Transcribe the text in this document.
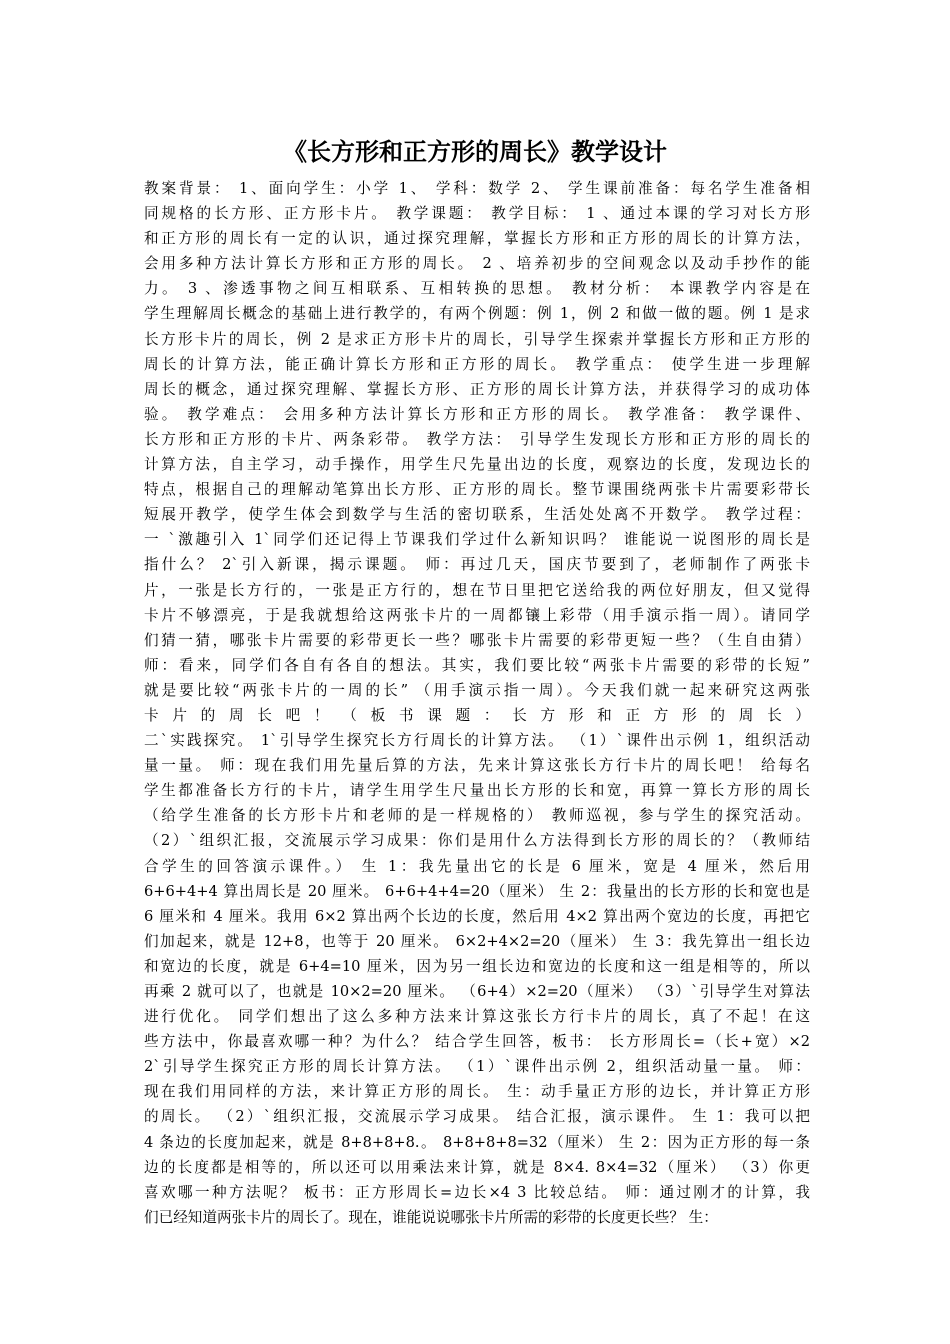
《长方形和正方形的周长》教学设计
教案背景： 1、面向学生：小学 1、 学科：数学 2、 学生课前准备：每名学生准备相
同规格的长方形、正方形卡片。 教学课题： 教学目标： 1 、通过本课的学习对长方形
和正方形的周长有一定的认识，通过探究理解，掌握长方形和正方形的周长的计算方法，
会用多种方法计算长方形和正方形的周长。 2 、培养初步的空间观念以及动手抄作的能
力。 3 、渗透事物之间互相联系、互相转换的思想。 教材分析： 本课教学内容是在
学生理解周长概念的基础上进行教学的，有两个例题：例 1，例 2 和做一做的题。例 1 是求
长方形卡片的周长，例 2 是求正方形卡片的周长，引导学生探索并掌握长方形和正方形的
周长的计算方法，能正确计算长方形和正方形的周长。 教学重点： 使学生进一步理解
周长的概念，通过探究理解、掌握长方形、正方形的周长计算方法，并获得学习的成功体
验。 教学难点： 会用多种方法计算长方形和正方形的周长。 教学准备： 教学课件、
长方形和正方形的卡片、两条彩带。 教学方法： 引导学生发现长方形和正方形的周长的
计算方法，自主学习，动手操作，用学生尺先量出边的长度，观察边的长度，发现边长的
特点，根据自己的理解动笔算出长方形、正方形的周长。整节课围绕两张卡片需要彩带长
短展开教学，使学生体会到数学与生活的密切联系，生活处处离不开数学。 教学过程：
一 `激趣引入 1`同学们还记得上节课我们学过什么新知识吗？ 谁能说一说图形的周长是
指什么？ 2`引入新课，揭示课题。 师：再过几天，国庆节要到了，老师制作了两张卡
片，一张是长方行的，一张是正方行的，想在节日里把它送给我的两位好朋友，但又觉得
卡片不够漂亮，于是我就想给这两张卡片的一周都镶上彩带（用手演示指一周）。请同学
们猜一猜，哪张卡片需要的彩带更长一些？哪张卡片需要的彩带更短一些？（生自由猜）
师：看来，同学们各自有各自的想法。其实，我们要比较“两张卡片需要的彩带的长短”
就是要比较“两张卡片的一周的长” （用手演示指一周）。今天我们就一起来研究这两张
卡片的周长吧！（板书课题：长方形和正方形的周长）
二`实践探究。 1`引导学生探究长方行周长的计算方法。 （1）`课件出示例 1，组织活动
量一量。 师：现在我们用先量后算的方法，先来计算这张长方行卡片的周长吧！ 给每名
学生都准备长方行的卡片，请学生用学生尺量出长方形的长和宽，再算一算长方形的周长
（给学生准备的长方形卡片和老师的是一样规格的） 教师巡视，参与学生的探究活动。
（2）`组织汇报，交流展示学习成果：你们是用什么方法得到长方形的周长的？（教师结
合学生的回答演示课件。） 生 1：我先量出它的长是 6 厘米，宽是 4 厘米，然后用
6+6+4+4 算出周长是 20 厘米。 6+6+4+4=20（厘米） 生 2：我量出的长方形的长和宽也是
6 厘米和 4 厘米。我用 6×2 算出两个长边的长度，然后用 4×2 算出两个宽边的长度，再把它
们加起来，就是 12+8，也等于 20 厘米。 6×2+4×2=20（厘米） 生 3：我先算出一组长边
和宽边的长度，就是 6+4=10 厘米，因为另一组长边和宽边的长度和这一组是相等的，所以
再乘 2 就可以了，也就是 10×2=20 厘米。 （6+4）×2=20（厘米） （3）`引导学生对算法
进行优化。 同学们想出了这么多种方法来计算这张长方行卡片的周长，真了不起！在这
些方法中，你最喜欢哪一种？为什么？ 结合学生回答，板书： 长方形周长=（长+宽）×2
2`引导学生探究正方形的周长计算方法。 （1）`课件出示例 2，组织活动量一量。 师：
现在我们用同样的方法，来计算正方形的周长。 生：动手量正方形的边长，并计算正方形
的周长。 （2）`组织汇报，交流展示学习成果。 结合汇报，演示课件。 生 1：我可以把
4 条边的长度加起来，就是 8+8+8+8.。 8+8+8+8=32（厘米） 生 2：因为正方形的每一条
边的长度都是相等的，所以还可以用乘法来计算，就是 8×4. 8×4=32（厘米） （3）你更
喜欢哪一种方法呢？ 板书：正方形周长=边长×4 3 比较总结。 师：通过刚才的计算，我
们已经知道两张卡片的周长了。现在，谁能说说哪张卡片所需的彩带的长度更长些？ 生：
